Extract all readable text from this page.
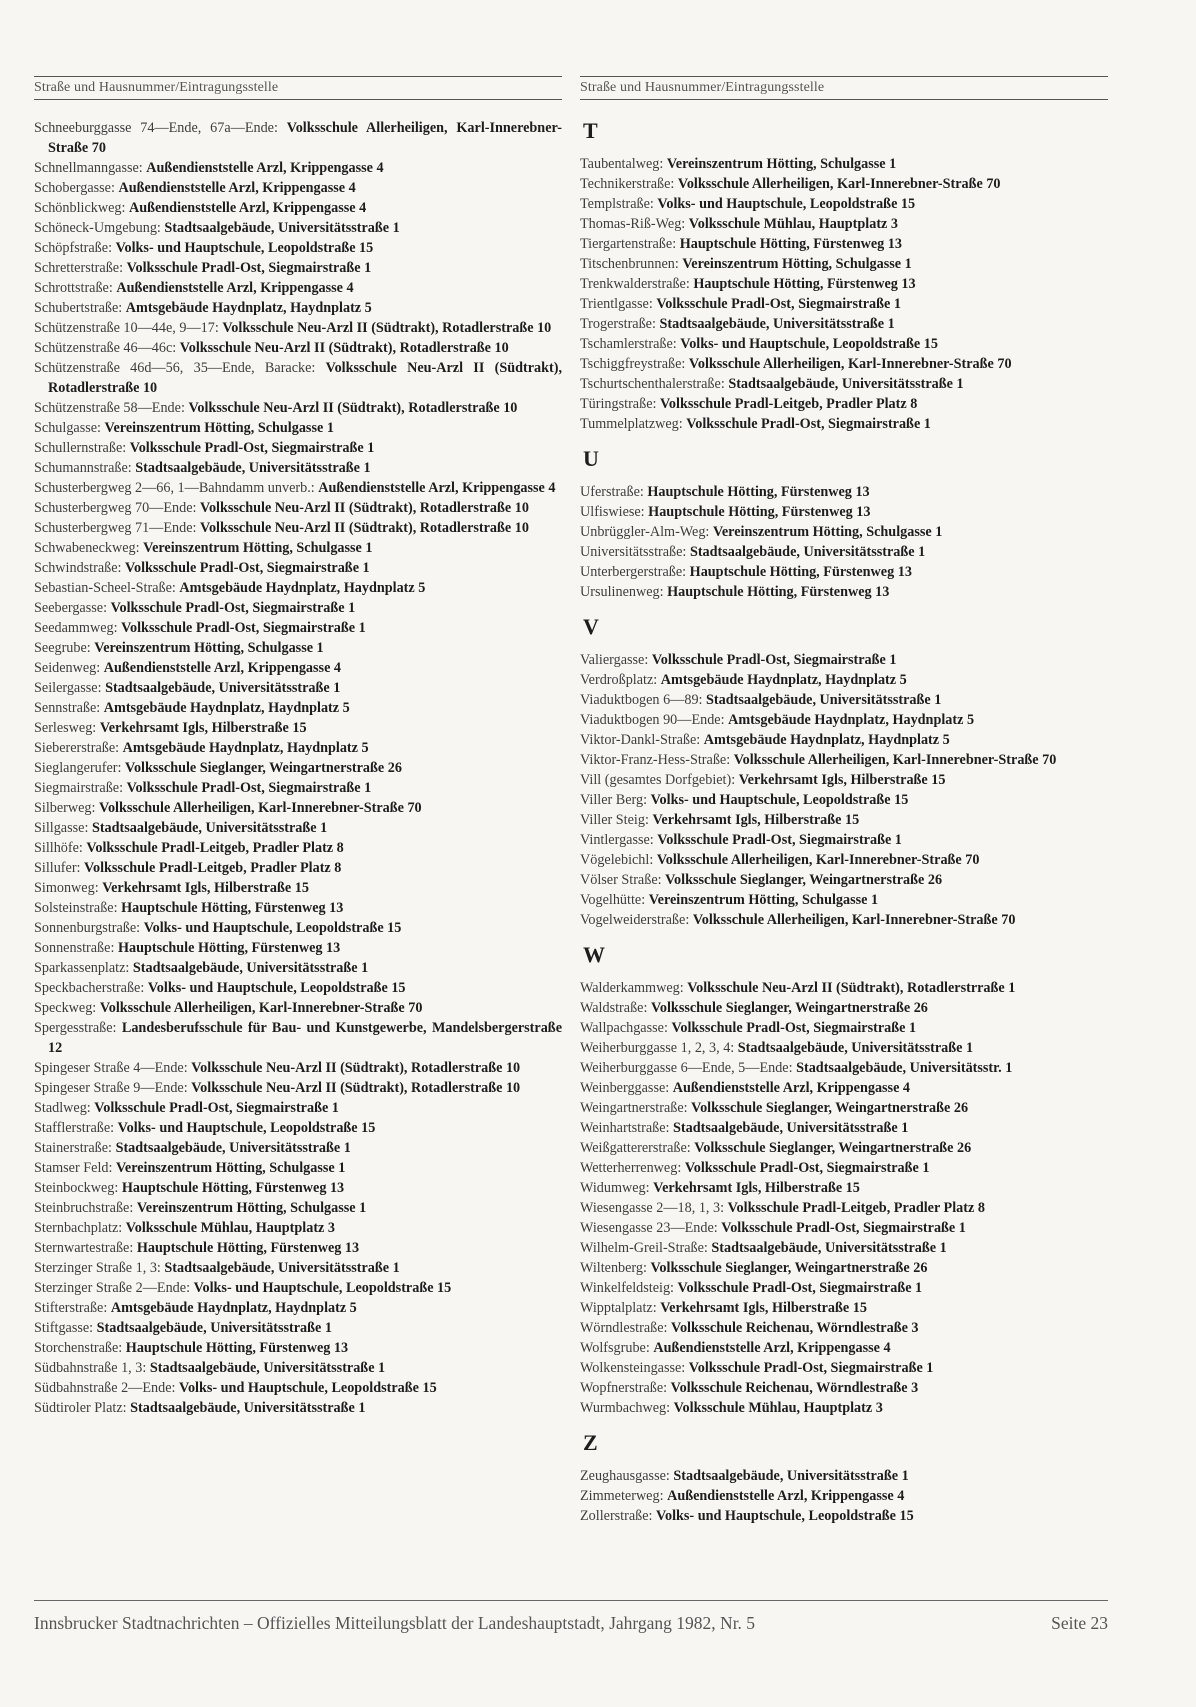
Straße und Hausnummer/Eintragungsstelle
Schneeburggasse 74—Ende, 67a—Ende: Volksschule Allerheiligen, Karl-Innerebner-Straße 70
Schnellmanngasse: Außendienststelle Arzl, Krippengasse 4
Schobergasse: Außendienststelle Arzl, Krippengasse 4
Schönblickweg: Außendienststelle Arzl, Krippengasse 4
Schöneck-Umgebung: Stadtsaalgebäude, Universitätsstraße 1
Schöpfstraße: Volks- und Hauptschule, Leopoldstraße 15
Schretterstraße: Volksschule Pradl-Ost, Siegmairstraße 1
Schrottstraße: Außendienststelle Arzl, Krippengasse 4
Schubertstraße: Amtsgebäude Haydnplatz, Haydnplatz 5
Schützenstraße 10—44e, 9—17: Volksschule Neu-Arzl II (Südtrakt), Rotadlerstraße 10
Schützenstraße 46—46c: Volksschule Neu-Arzl II (Südtrakt), Rotadlerstraße 10
Schützenstraße 46d—56, 35—Ende, Baracke: Volksschule Neu-Arzl II (Südtrakt), Rotadlerstraße 10
Schützenstraße 58—Ende: Volksschule Neu-Arzl II (Südtrakt), Rotadlerstraße 10
Schulgasse: Vereinszentrum Hötting, Schulgasse 1
Schullernstraße: Volksschule Pradl-Ost, Siegmairstraße 1
Schumannstraße: Stadtsaalgebäude, Universitätsstraße 1
Schusterbergweg 2—66, 1—Bahndamm unverb.: Außendienststelle Arzl, Krippengasse 4
Schusterbergweg 70—Ende: Volksschule Neu-Arzl II (Südtrakt), Rotadlerstraße 10
Schusterbergweg 71—Ende: Volksschule Neu-Arzl II (Südtrakt), Rotadlerstraße 10
Schwabeneckweg: Vereinszentrum Hötting, Schulgasse 1
Schwindstraße: Volksschule Pradl-Ost, Siegmairstraße 1
Sebastian-Scheel-Straße: Amtsgebäude Haydnplatz, Haydnplatz 5
Seebergasse: Volksschule Pradl-Ost, Siegmairstraße 1
Seedammweg: Volksschule Pradl-Ost, Siegmairstraße 1
Seegrube: Vereinszentrum Hötting, Schulgasse 1
Seidenweg: Außendienststelle Arzl, Krippengasse 4
Seilergasse: Stadtsaalgebäude, Universitätsstraße 1
Sennstraße: Amtsgebäude Haydnplatz, Haydnplatz 5
Serlesweg: Verkehrsamt Igls, Hilberstraße 15
Siebererstraße: Amtsgebäude Haydnplatz, Haydnplatz 5
Sieglangerufer: Volksschule Sieglanger, Weingartnerstraße 26
Siegmairstraße: Volksschule Pradl-Ost, Siegmairstraße 1
Silberweg: Volksschule Allerheiligen, Karl-Innerebner-Straße 70
Sillgasse: Stadtsaalgebäude, Universitätsstraße 1
Sillhöfe: Volksschule Pradl-Leitgeb, Pradler Platz 8
Sillufer: Volksschule Pradl-Leitgeb, Pradler Platz 8
Simonweg: Verkehrsamt Igls, Hilberstraße 15
Solsteinstraße: Hauptschule Hötting, Fürstenweg 13
Sonnenburgstraße: Volks- und Hauptschule, Leopoldstraße 15
Sonnenstraße: Hauptschule Hötting, Fürstenweg 13
Sparkassenplatz: Stadtsaalgebäude, Universitätsstraße 1
Speckbacherstraße: Volks- und Hauptschule, Leopoldstraße 15
Speckweg: Volksschule Allerheiligen, Karl-Innerebner-Straße 70
Spergesstraße: Landesberufsschule für Bau- und Kunstgewerbe, Mandelsbergerstraße 12
Spingeser Straße 4—Ende: Volksschule Neu-Arzl II (Südtrakt), Rotadlerstraße 10
Spingeser Straße 9—Ende: Volksschule Neu-Arzl II (Südtrakt), Rotadlerstraße 10
Stadlweg: Volksschule Pradl-Ost, Siegmairstraße 1
Stafflerstraße: Volks- und Hauptschule, Leopoldstraße 15
Stainerstraße: Stadtsaalgebäude, Universitätsstraße 1
Stamser Feld: Vereinszentrum Hötting, Schulgasse 1
Steinbockweg: Hauptschule Hötting, Fürstenweg 13
Steinbruchstraße: Vereinszentrum Hötting, Schulgasse 1
Sternbachplatz: Volksschule Mühlau, Hauptplatz 3
Sternwartestraße: Hauptschule Hötting, Fürstenweg 13
Sterzinger Straße 1, 3: Stadtsaalgebäude, Universitätsstraße 1
Sterzinger Straße 2—Ende: Volks- und Hauptschule, Leopoldstraße 15
Stifterstraße: Amtsgebäude Haydnplatz, Haydnplatz 5
Stiftgasse: Stadtsaalgebäude, Universitätsstraße 1
Storchenstraße: Hauptschule Hötting, Fürstenweg 13
Südbahnstraße 1, 3: Stadtsaalgebäude, Universitätsstraße 1
Südbahnstraße 2—Ende: Volks- und Hauptschule, Leopoldstraße 15
Südtiroler Platz: Stadtsaalgebäude, Universitätsstraße 1
Straße und Hausnummer/Eintragungsstelle
T
Taubentalweg: Vereinszentrum Hötting, Schulgasse 1
Technikerstraße: Volksschule Allerheiligen, Karl-Innerebner-Straße 70
Templstraße: Volks- und Hauptschule, Leopoldstraße 15
Thomas-Riß-Weg: Volksschule Mühlau, Hauptplatz 3
Tiergartenstraße: Hauptschule Hötting, Fürstenweg 13
Titschenbrunnen: Vereinszentrum Hötting, Schulgasse 1
Trenkwalderstraße: Hauptschule Hötting, Fürstenweg 13
Trientlgasse: Volksschule Pradl-Ost, Siegmairstraße 1
Trogerstraße: Stadtsaalgebäude, Universitätsstraße 1
Tschamlerstraße: Volks- und Hauptschule, Leopoldstraße 15
Tschiggfreystraße: Volksschule Allerheiligen, Karl-Innerebner-Straße 70
Tschurtschenthalerstraße: Stadtsaalgebäude, Universitätsstraße 1
Türingstraße: Volksschule Pradl-Leitgeb, Pradler Platz 8
Tummelplatzweg: Volksschule Pradl-Ost, Siegmairstraße 1
U
Uferstraße: Hauptschule Hötting, Fürstenweg 13
Ulfiswiese: Hauptschule Hötting, Fürstenweg 13
Unbrüggler-Alm-Weg: Vereinszentrum Hötting, Schulgasse 1
Universitätsstraße: Stadtsaalgebäude, Universitätsstraße 1
Unterbergerstraße: Hauptschule Hötting, Fürstenweg 13
Ursulinenweg: Hauptschule Hötting, Fürstenweg 13
V
Valiergasse: Volksschule Pradl-Ost, Siegmairstraße 1
Verdroßplatz: Amtsgebäude Haydnplatz, Haydnplatz 5
Viaduktbogen 6—89: Stadtsaalgebäude, Universitätsstraße 1
Viaduktbogen 90—Ende: Amtsgebäude Haydnplatz, Haydnplatz 5
Viktor-Dankl-Straße: Amtsgebäude Haydnplatz, Haydnplatz 5
Viktor-Franz-Hess-Straße: Volksschule Allerheiligen, Karl-Innerebner-Straße 70
Vill (gesamtes Dorfgebiet): Verkehrsamt Igls, Hilberstraße 15
Viller Berg: Volks- und Hauptschule, Leopoldstraße 15
Viller Steig: Verkehrsamt Igls, Hilberstraße 15
Vintlergasse: Volksschule Pradl-Ost, Siegmairstraße 1
Vögelebichl: Volksschule Allerheiligen, Karl-Innerebner-Straße 70
Völser Straße: Volksschule Sieglanger, Weingartnerstraße 26
Vogelhütte: Vereinszentrum Hötting, Schulgasse 1
Vogelweiderstraße: Volksschule Allerheiligen, Karl-Innerebner-Straße 70
W
Walderkammweg: Volksschule Neu-Arzl II (Südtrakt), Rotadlerstrraße 1
Waldstraße: Volksschule Sieglanger, Weingartnerstraße 26
Wallpachgasse: Volksschule Pradl-Ost, Siegmairstraße 1
Weiherburggasse 1, 2, 3, 4: Stadtsaalgebäude, Universitätsstraße 1
Weiherburggasse 6—Ende, 5—Ende: Stadtsaalgebäude, Universitätsstr. 1
Weinberggasse: Außendienststelle Arzl, Krippengasse 4
Weingartnerstraße: Volksschule Sieglanger, Weingartnerstraße 26
Weinhartstraße: Stadtsaalgebäude, Universitätsstraße 1
Weißgattererstraße: Volksschule Sieglanger, Weingartnerstraße 26
Wetterherrenweg: Volksschule Pradl-Ost, Siegmairstraße 1
Widumweg: Verkehrsamt Igls, Hilberstraße 15
Wiesengasse 2—18, 1, 3: Volksschule Pradl-Leitgeb, Pradler Platz 8
Wiesengasse 23—Ende: Volksschule Pradl-Ost, Siegmairstraße 1
Wilhelm-Greil-Straße: Stadtsaalgebäude, Universitätsstraße 1
Wiltenberg: Volksschule Sieglanger, Weingartnerstraße 26
Winkelfeldsteig: Volksschule Pradl-Ost, Siegmairstraße 1
Wipptalplatz: Verkehrsamt Igls, Hilberstraße 15
Wörndlestraße: Volksschule Reichenau, Wörndlestraße 3
Wolfsgrube: Außendienststelle Arzl, Krippengasse 4
Wolkensteingasse: Volksschule Pradl-Ost, Siegmairstraße 1
Wopfnerstraße: Volksschule Reichenau, Wörndlestraße 3
Wurmbachweg: Volksschule Mühlau, Hauptplatz 3
Z
Zeughausgasse: Stadtsaalgebäude, Universitätsstraße 1
Zimmeterweg: Außendienststelle Arzl, Krippengasse 4
Zollerstraße: Volks- und Hauptschule, Leopoldstraße 15
Innsbrucker Stadtnachrichten – Offizielles Mitteilungsblatt der Landeshauptstadt, Jahrgang 1982, Nr. 5	Seite 23
